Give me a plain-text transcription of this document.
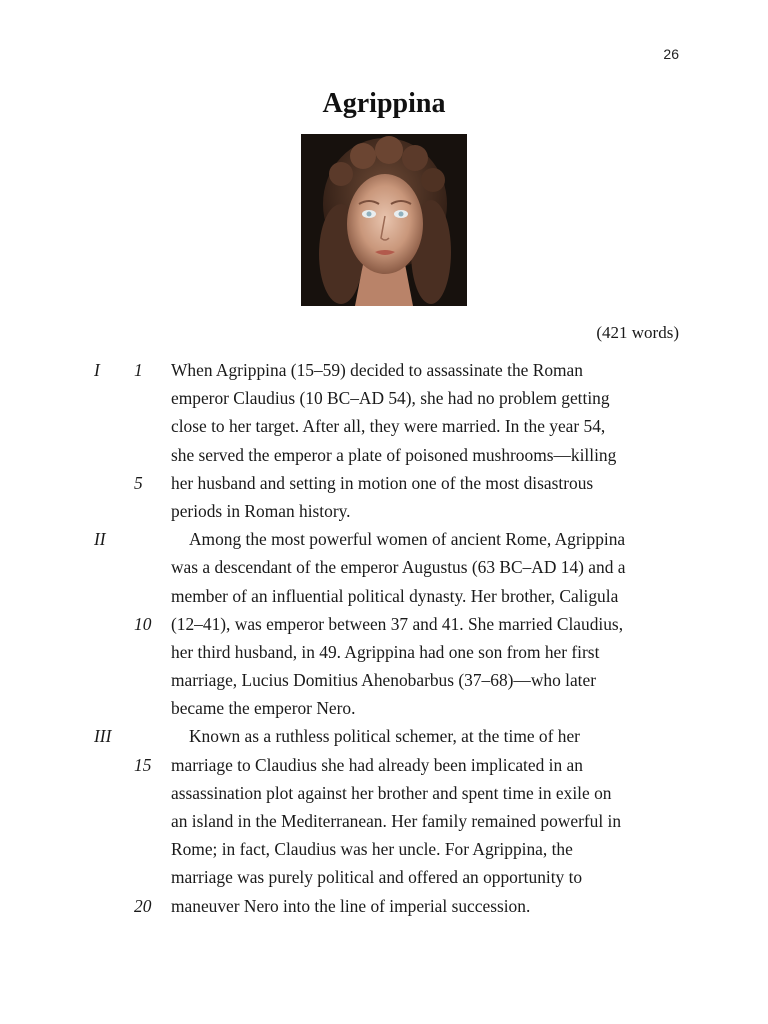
26
Agrippina
(421 words)
I 1 When Agrippina (15–59) decided to assassinate the Roman
emperor Claudius (10 BC–AD 54), she had no problem getting
close to her target. After all, they were married. In the year 54,
she served the emperor a plate of poisoned mushrooms—killing
5 her husband and setting in motion one of the most disastrous
periods in Roman history.
II	Among the most powerful women of ancient Rome, Agrippina
was a descendant of the emperor Augustus (63 BC–AD 14) and a
member of an influential political dynasty. Her brother, Caligula
10 (12–41), was emperor between 37 and 41. She married Claudius,
her third husband, in 49. Agrippina had one son from her first
marriage, Lucius Domitius Ahenobarbus (37–68)—who later
became the emperor Nero.
III	Known as a ruthless political schemer, at the time of her
15 marriage to Claudius she had already been implicated in an
assassination plot against her brother and spent time in exile on
an island in the Mediterranean. Her family remained powerful in
Rome; in fact, Claudius was her uncle. For Agrippina, the
marriage was purely political and offered an opportunity to
20 maneuver Nero into the line of imperial succession.
